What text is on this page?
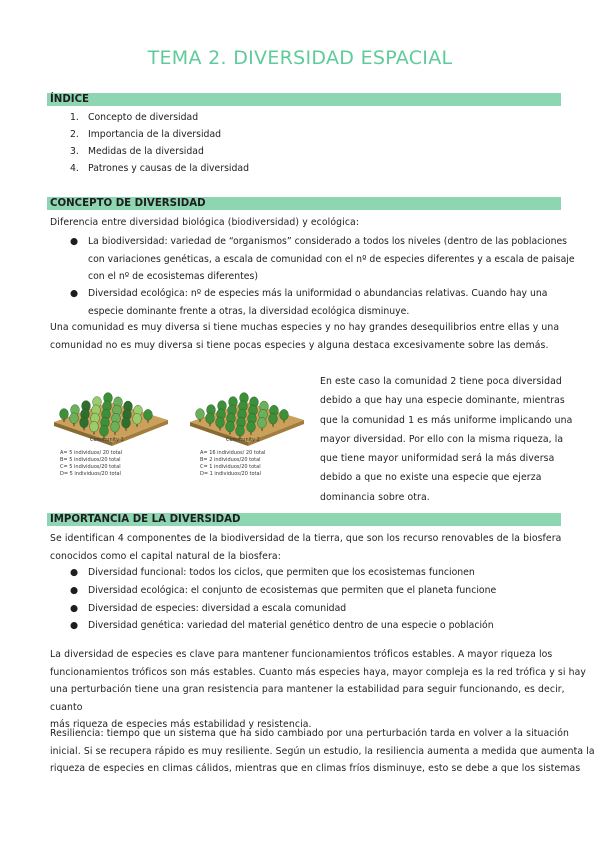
TEMA 2. DIVERSIDAD ESPACIAL
ÍNDICE
1. Concepto de diversidad
2. Importancia de la diversidad
3. Medidas de la diversidad
4. Patrones y causas de la diversidad
CONCEPTO DE DIVERSIDAD
Diferencia entre diversidad biológica (biodiversidad) y ecológica:
● La biodiversidad: variedad de “organismos” considerado a todos los niveles (dentro de las poblaciones
con variaciones genéticas, a escala de comunidad con el nº de especies diferentes y a escala de paisaje
con el nº de ecosistemas diferentes)
● Diversidad ecológica: nº de especies más la uniformidad o abundancias relativas. Cuando hay una
especie dominante frente a otras, la diversidad ecológica disminuye.
Una comunidad es muy diversa si tiene muchas especies y no hay grandes desequilibrios entre ellas y una
comunidad no es muy diversa si tiene pocas especies y alguna destaca excesivamente sobre las demás.
Community 1	Community 2
A= 5 individuos/ 20 total
B= 5 individuos/20 total
C= 5 individuos/20 total
D= 5 individuos/20 total
A= 16 individuos/ 20 total
B= 2 individuos/20 total
C= 1 individuos/20 total
D= 1 individuos/20 total
En este caso la comunidad 2 tiene poca diversidad
debido a que hay una especie dominante, mientras
que la comunidad 1 es más uniforme implicando una
mayor diversidad. Por ello con la misma riqueza, la
que tiene mayor uniformidad será la más diversa
debido a que no existe una especie que ejerza
dominancia sobre otra.
IMPORTANCIA DE LA DIVERSIDAD
Se identifican 4 componentes de la biodiversidad de la tierra, que son los recurso renovables de la biosfera
conocidos como el capital natural de la biosfera:
● Diversidad funcional: todos los ciclos, que permiten que los ecosistemas funcionen
● Diversidad ecológica: el conjunto de ecosistemas que permiten que el planeta funcione
● Diversidad de especies: diversidad a escala comunidad
● Diversidad genética: variedad del material genético dentro de una especie o población
La diversidad de especies es clave para mantener funcionamientos tróficos estables. A mayor riqueza los
funcionamientos tróficos son más estables. Cuanto más especies haya, mayor compleja es la red trófica y si hay
una perturbación tiene una gran resistencia para mantener la estabilidad para seguir funcionando, es decir, cuanto
más riqueza de especies más estabilidad y resistencia.
Resiliencia: tiempo que un sistema que ha sido cambiado por una perturbación tarda en volver a la situación
inicial. Si se recupera rápido es muy resiliente. Según un estudio, la resiliencia aumenta a medida que aumenta la
riqueza de especies en climas cálidos, mientras que en climas fríos disminuye, esto se debe a que los sistemas
